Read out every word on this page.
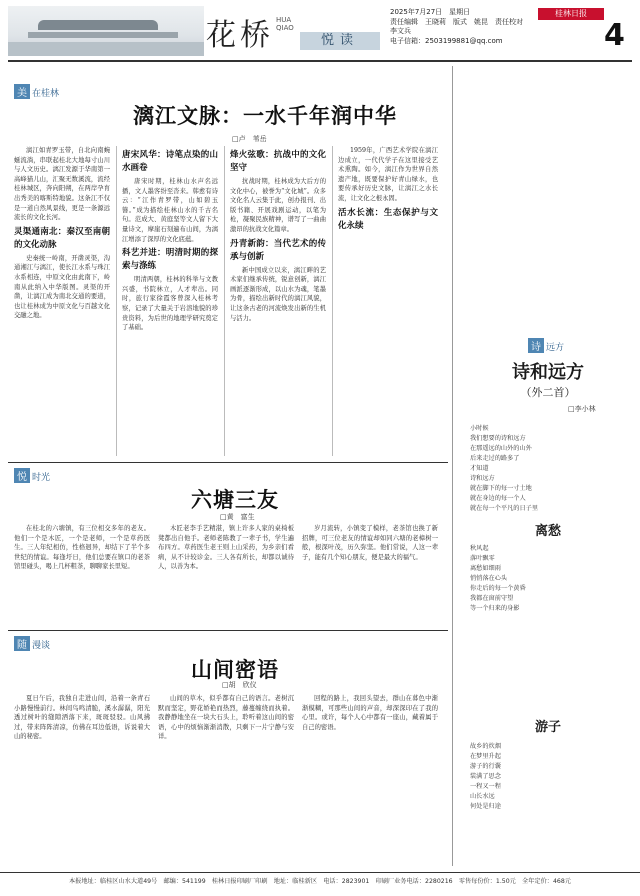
花桥 HUA QIAO
悦读
2025年7月27日　星期日
责任编辑　王晓莉　版式　姚昆　责任校对　李文兵
电子信箱：2503199881@qq.com
桂林日报
4
美 在桂林
漓江文脉：一水千年润中华
□卢　苇岳

漓江如青罗玉带，自北向南蜿蜒流淌，串联起桂北大地每寸山川与人文历史。漓江发源于华南第一高峰猫儿山，汇聚无数溪流，流经桂林城区，奔向阳朔，在两岸孕育出秀美的喀斯特地貌。这条江不仅是一道自然风景线，更是一条源远流长的文化长河。

灵渠通南北：秦汉至南朝的文化动脉

史秦统一岭南，开凿灵渠，沟通湘江与漓江，使长江水系与珠江水系相连，中原文化由此南下，岭南从此纳入中华版图。灵渠的开凿，让漓江成为南北交通的要道，也让桂林成为中原文化与百越文化交融之地。

唐宋风华：诗笔点染的山水画卷

唐宋时期，桂林山水声名远播，文人墨客纷至沓来。韩愈有诗云：“江作青罗带，山如碧玉簪。”成为描绘桂林山水的千古名句。范成大、黄庭坚等文人留下大量诗文，摩崖石刻遍布山间，为漓江增添了深厚的文化底蕴。

科艺并进：明清时期的探索与涤练

明清两朝，桂林的科举与文教兴盛，书院林立，人才辈出。同时，旅行家徐霞客曾深入桂林考察，记录了大量关于岩溶地貌的珍贵资料，为后世的地理学研究奠定了基础。

烽火弦歌：抗战中的文化坚守

抗战时期，桂林成为大后方的文化中心，被誉为“文化城”。众多文化名人云集于此，创办报刊、出版书籍、开展戏剧运动，以笔为枪，凝聚民族精神，谱写了一曲曲激昂的抗战文化篇章。

丹青新韵：当代艺术的传承与创新

新中国成立以来，漓江畔的艺术家们继承传统，锐意创新，漓江画派逐渐形成，以山水为魂，笔墨为骨，描绘出新时代的漓江风貌，让这条古老的河流焕发出新的生机与活力。

1959年，广西艺术学院在漓江边成立，一代代学子在这里接受艺术熏陶。如今，漓江作为世界自然遗产地，既要保护好青山绿水，也要传承好历史文脉，让漓江之水长流，让文化之根永固。

活水长流：生态保护与文化永续
悦 时光
六塘三友
□黄　富生

在桂北的六塘镇，有三位相交多年的老友。他们一个是木匠，一个是老师，一个是草药医生。三人年纪相仿，性格迥异，却结下了半个多世纪的情谊。每逢圩日，他们总要在镇口的老茶馆里碰头，喝上几杯粗茶，聊聊家长里短。

木匠老李手艺精湛，镇上许多人家的桌椅板凳都出自他手。老师老陈教了一辈子书，学生遍布四方。草药医生老王则上山采药，为乡亲们看病，从不计较诊金。三人各有所长，却都以诚待人，以善为本。

岁月流转，小镇变了模样，老茶馆也换了新招牌，可三位老友的情谊却如同六塘的老樟树一般，根深叶茂，历久弥坚。他们常说，人这一辈子，能有几个知心朋友，便是最大的福气。

随 漫谈
山间密语
□胡　欣仪

夏日午后，我独自走进山间，沿着一条青石小路慢慢前行。林间鸟鸣清脆，溪水潺潺，阳光透过树叶的缝隙洒落下来，斑斑驳驳。山风拂过，带来阵阵清凉，仿佛在耳边低语，诉说着大山的秘密。

山间的草木，似乎都有自己的语言。老树沉默而坚定，野花娇艳而热烈，藤蔓缠绕而执着。我静静地坐在一块大石头上，聆听着这山间的密语，心中的烦恼渐渐消散，只剩下一片宁静与安详。

回程的路上，我回头望去，群山在暮色中渐渐模糊，可那些山间的声音，却深深印在了我的心里。或许，每个人心中都有一座山，藏着属于自己的密语。

诗 远方
诗和远方
（外二首）
□李小林
小时候
我们想要的诗和远方
在那遥远的山外的山外
后来走过的路多了
才知道
诗和远方
就在脚下的每一寸土地
就在身边的每一个人
就在每一个平凡的日子里
离愁
秋风起
落叶飘零
离愁如细雨
悄悄落在心头
你走后的每一个黄昏
我都在窗前守望
等一个归来的身影
游子
故乡的炊烟
在梦里升起
游子的行囊
装满了思念
一程又一程
山长水远
何处是归途
本报地址：临桂区山水大道49号　邮编：541199　桂林日报印刷厂印刷　地址：临桂新区　电话：2823901　印刷厂业务电话：2280216　零售每份价：1.50元　全年定价：468元
